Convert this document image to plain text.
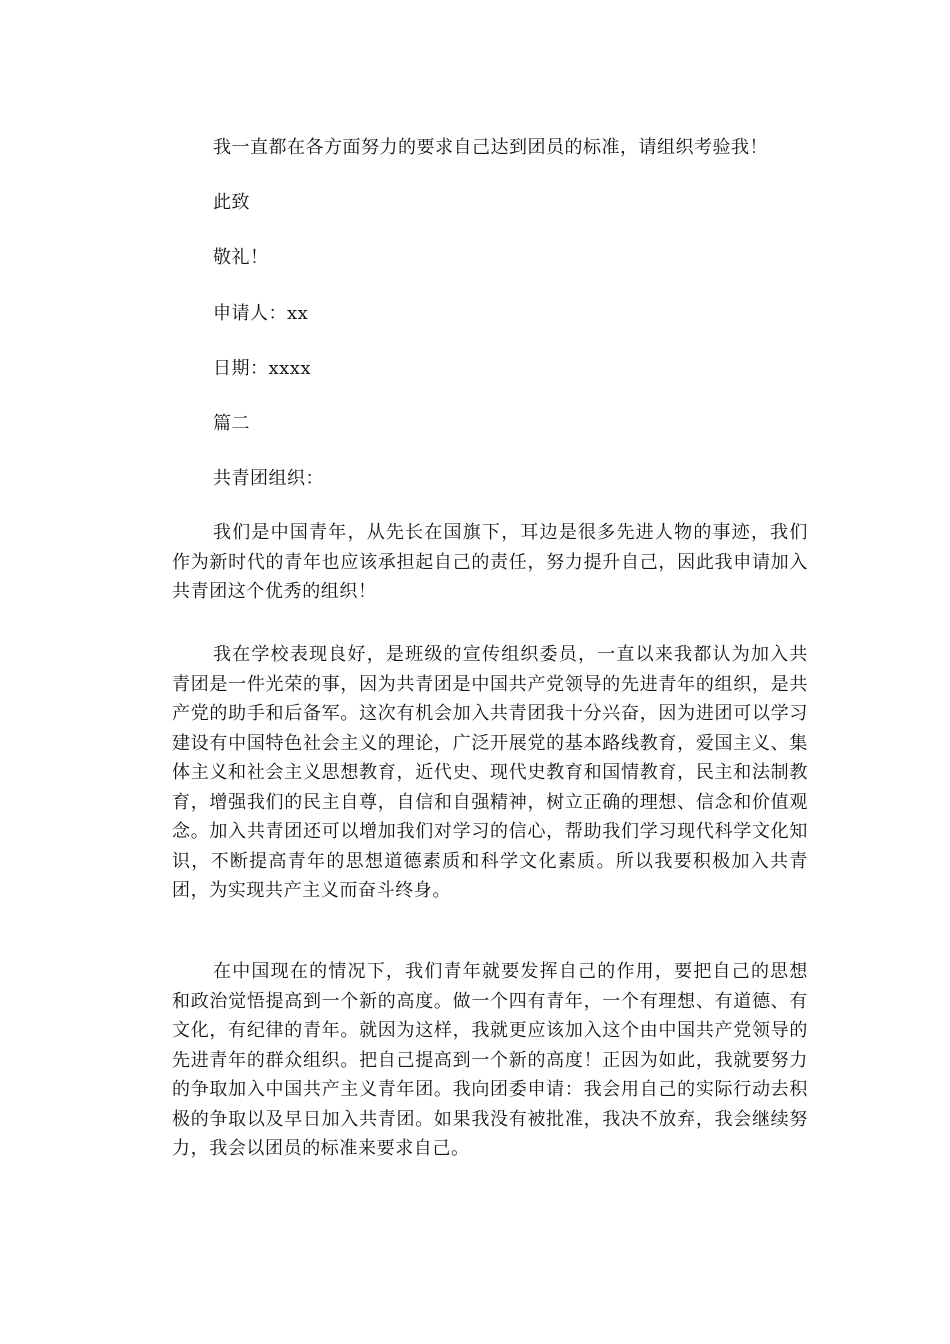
我一直都在各方面努力的要求自己达到团员的标准，请组织考验我！
此致
敬礼！
申请人：xx
日期：xxxx
篇二
共青团组织：
我们是中国青年，从先长在国旗下，耳边是很多先进人物的事迹，我们作为新时代的青年也应该承担起自己的责任，努力提升自己，因此我申请加入共青团这个优秀的组织！
我在学校表现良好，是班级的宣传组织委员，一直以来我都认为加入共青团是一件光荣的事，因为共青团是中国共产党领导的先进青年的组织，是共产党的助手和后备军。这次有机会加入共青团我十分兴奋，因为进团可以学习建设有中国特色社会主义的理论，广泛开展党的基本路线教育，爱国主义、集体主义和社会主义思想教育，近代史、现代史教育和国情教育，民主和法制教育，增强我们的民主自尊，自信和自强精神，树立正确的理想、信念和价值观念。加入共青团还可以增加我们对学习的信心，帮助我们学习现代科学文化知识，不断提高青年的思想道德素质和科学文化素质。所以我要积极加入共青团，为实现共产主义而奋斗终身。
在中国现在的情况下，我们青年就要发挥自己的作用，要把自己的思想和政治觉悟提高到一个新的高度。做一个四有青年，一个有理想、有道德、有文化，有纪律的青年。就因为这样，我就更应该加入这个由中国共产党领导的先进青年的群众组织。把自己提高到一个新的高度！正因为如此，我就要努力的争取加入中国共产主义青年团。我向团委申请：我会用自己的实际行动去积极的争取以及早日加入共青团。如果我没有被批准，我决不放弃，我会继续努力，我会以团员的标准来要求自己。
